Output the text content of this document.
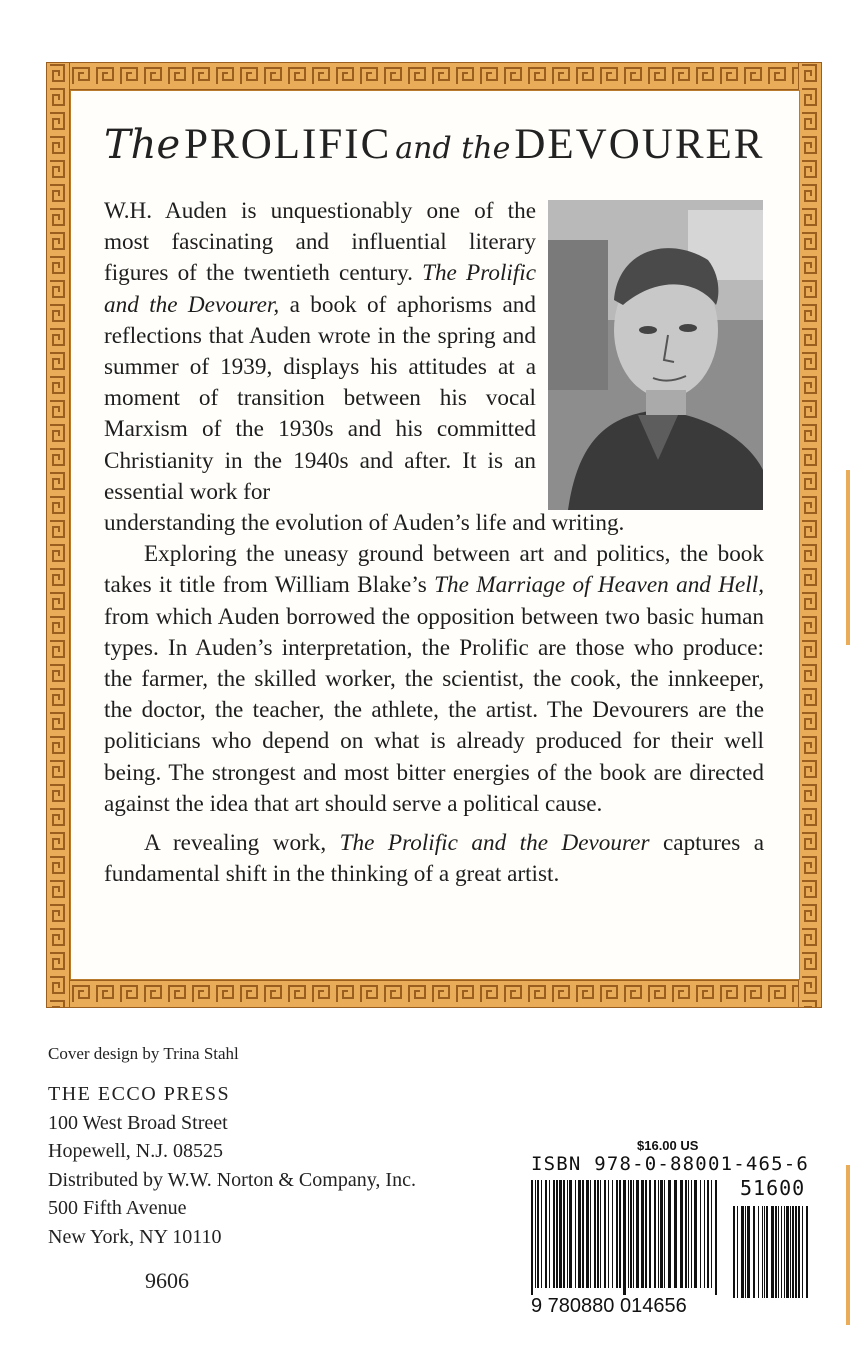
The PROLIFIC and the DEVOURER

W.H. Auden is unquestionably one of the most fascinating and influential literary figures of the twentieth century. The Prolific and the Devourer, a book of aphorisms and reflections that Auden wrote in the spring and summer of 1939, displays his attitudes at a moment of transition between his vocal Marxism of the 1930s and his committed Christianity in the 1940s and after. It is an essential work for
understanding the evolution of Auden’s life and writing.

Exploring the uneasy ground between art and politics, the book takes it title from William Blake’s The Marriage of Heaven and Hell, from which Auden borrowed the opposition between two basic human types. In Auden’s interpretation, the Prolific are those who produce: the farmer, the skilled worker, the scientist, the cook, the innkeeper, the doctor, the teacher, the athlete, the artist. The Devourers are the politicians who depend on what is already produced for their well being. The strongest and most bitter energies of the book are directed against the idea that art should serve a political cause.

A revealing work, The Prolific and the Devourer captures a fundamental shift in the thinking of a great artist.

Cover design by Trina Stahl
THE ECCO PRESS
100 West Broad Street
Hopewell, N.J. 08525
Distributed by W.W. Norton & Company, Inc.
500 Fifth Avenue
New York, NY 10110
9606
$16.00 US
ISBN 978-0-88001-465-6
51600
9 780880 014656
